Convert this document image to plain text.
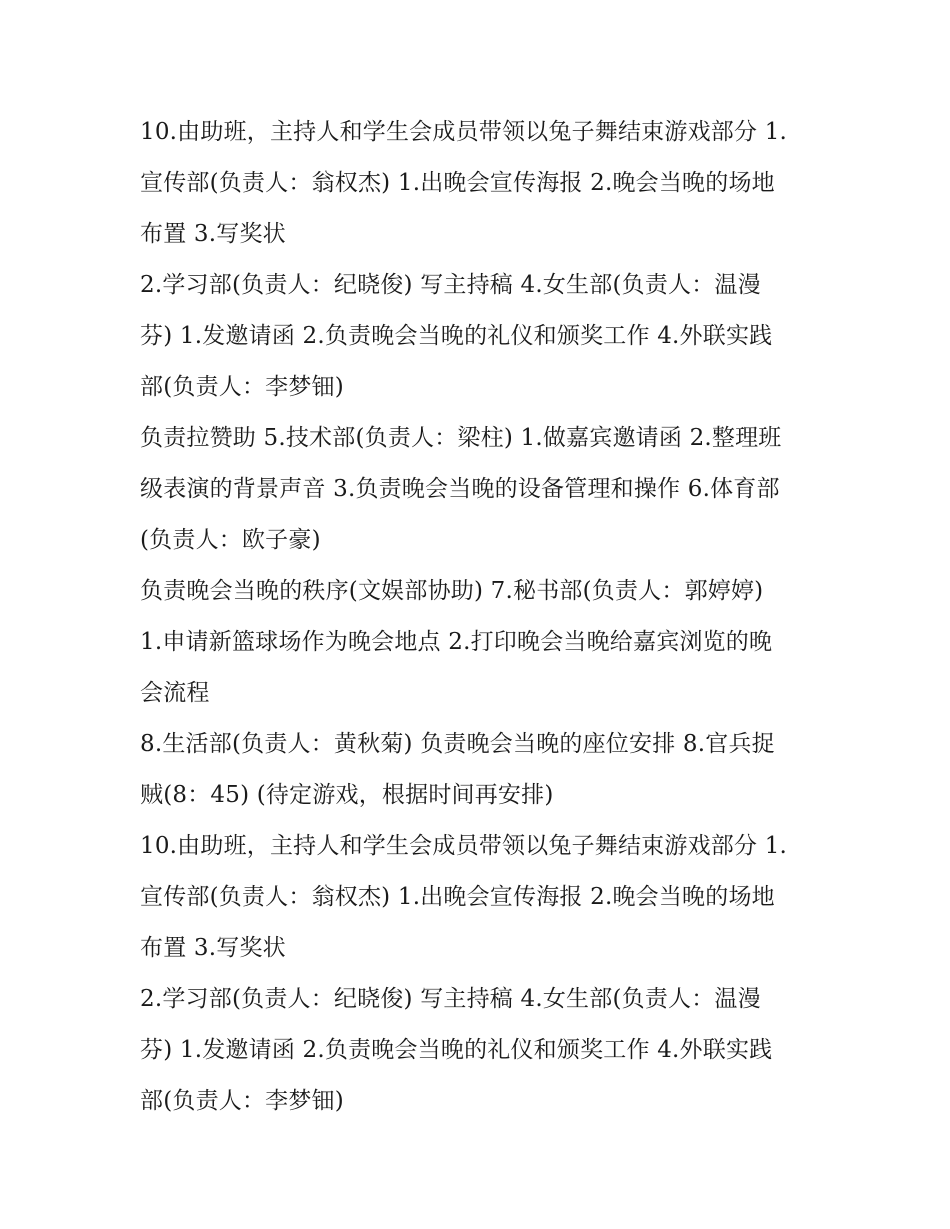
10.由助班，主持人和学生会成员带领以兔子舞结束游戏部分 1.
宣传部(负责人：翁权杰) 1.出晚会宣传海报 2.晚会当晚的场地
布置 3.写奖状
2.学习部(负责人：纪晓俊) 写主持稿 4.女生部(负责人：温漫
芬) 1.发邀请函 2.负责晚会当晚的礼仪和颁奖工作 4.外联实践
部(负责人：李梦钿)
负责拉赞助 5.技术部(负责人：梁柱) 1.做嘉宾邀请函 2.整理班
级表演的背景声音 3.负责晚会当晚的设备管理和操作 6.体育部
(负责人：欧子豪)
负责晚会当晚的秩序(文娱部协助) 7.秘书部(负责人：郭婷婷)
1.申请新篮球场作为晚会地点 2.打印晚会当晚给嘉宾浏览的晚
会流程
8.生活部(负责人：黄秋菊) 负责晚会当晚的座位安排 8.官兵捉
贼(8：45) (待定游戏，根据时间再安排)
10.由助班，主持人和学生会成员带领以兔子舞结束游戏部分 1.
宣传部(负责人：翁权杰) 1.出晚会宣传海报 2.晚会当晚的场地
布置 3.写奖状
2.学习部(负责人：纪晓俊) 写主持稿 4.女生部(负责人：温漫
芬) 1.发邀请函 2.负责晚会当晚的礼仪和颁奖工作 4.外联实践
部(负责人：李梦钿)
